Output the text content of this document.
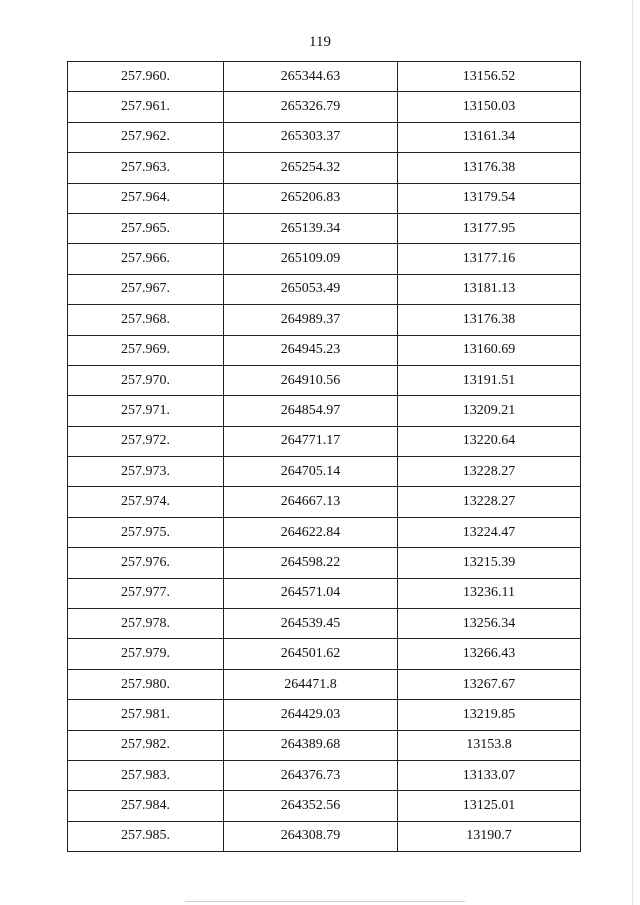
119
257.960.	265344.63	13156.52
257.961.	265326.79	13150.03
257.962.	265303.37	13161.34
257.963.	265254.32	13176.38
257.964.	265206.83	13179.54
257.965.	265139.34	13177.95
257.966.	265109.09	13177.16
257.967.	265053.49	13181.13
257.968.	264989.37	13176.38
257.969.	264945.23	13160.69
257.970.	264910.56	13191.51
257.971.	264854.97	13209.21
257.972.	264771.17	13220.64
257.973.	264705.14	13228.27
257.974.	264667.13	13228.27
257.975.	264622.84	13224.47
257.976.	264598.22	13215.39
257.977.	264571.04	13236.11
257.978.	264539.45	13256.34
257.979.	264501.62	13266.43
257.980.	264471.8	13267.67
257.981.	264429.03	13219.85
257.982.	264389.68	13153.8
257.983.	264376.73	13133.07
257.984.	264352.56	13125.01
257.985.	264308.79	13190.7
